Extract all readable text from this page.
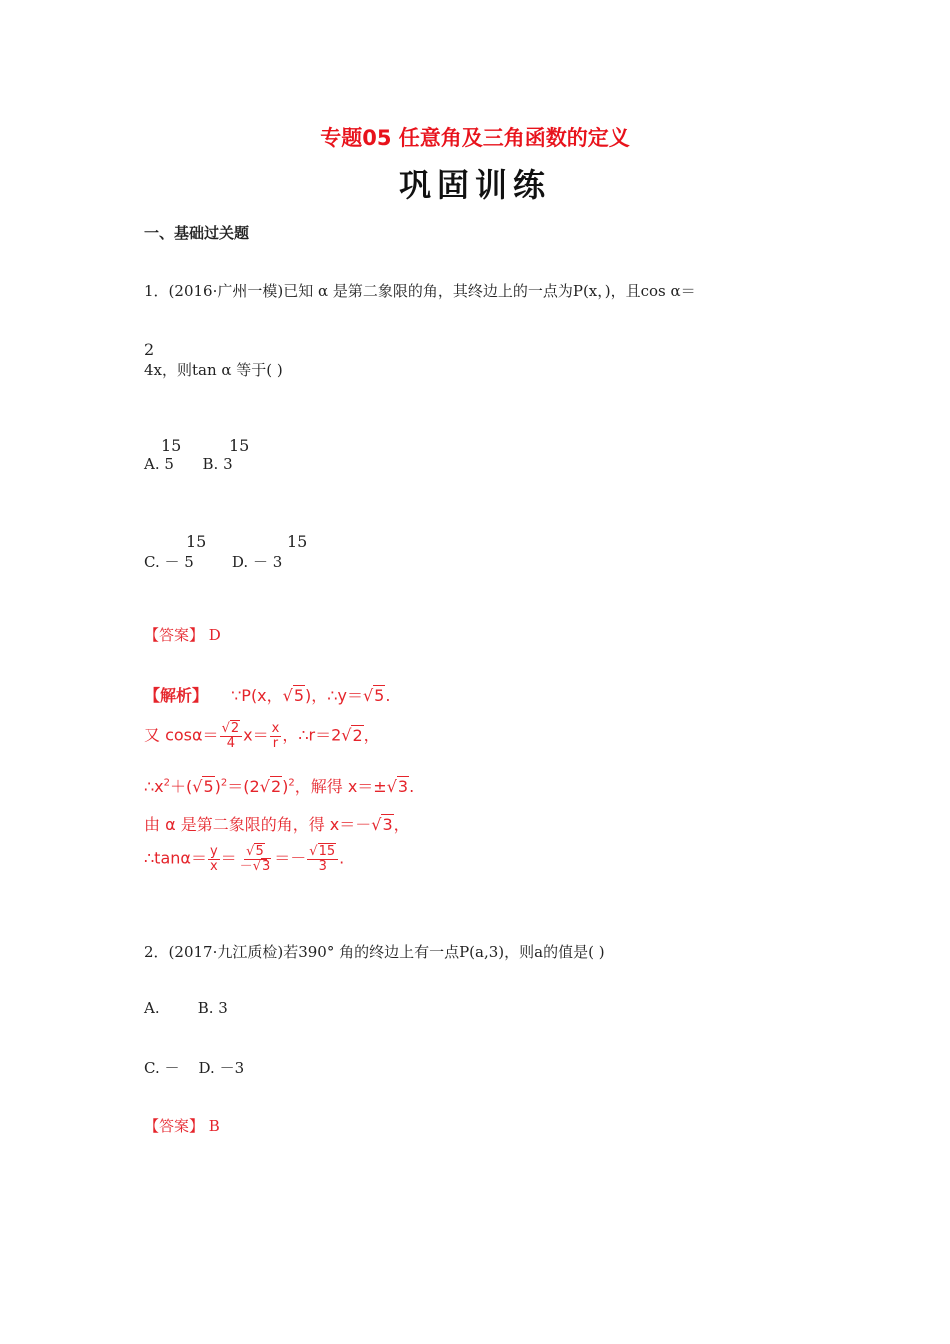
专题05 任意角及三角函数的定义
巩固训练
一、基础过关题
1．(2016·广州一模)已知 α 是第二象限的角，其终边上的一点为P(x，)，且cos α＝
2
4x，则tan α 等于( )
15	15
A. 5      B. 3
15	15
C. － 5        D. － 3
【答案】 D
【解析】 ∵P(x，√5)，∴y＝√5.
又 $\cos\alpha= \frac{√2}{4} x= \frac{x}{r}$ ，∴r＝2√2，
$\therefore x^2+(√5)^2=(2√2)^2$，解得 x＝±√3.
由 α 是第二象限的角，得 x＝－√3，
∴tanα＝ $\frac{y}{x} = \frac{√5}{-√3} =- \frac{√15}{3}$ .
2．(2017·九江质检)若390° 角的终边上有一点P(a,3)，则a的值是( )
A.        B. 3
C. －    D. －3
【答案】 B
